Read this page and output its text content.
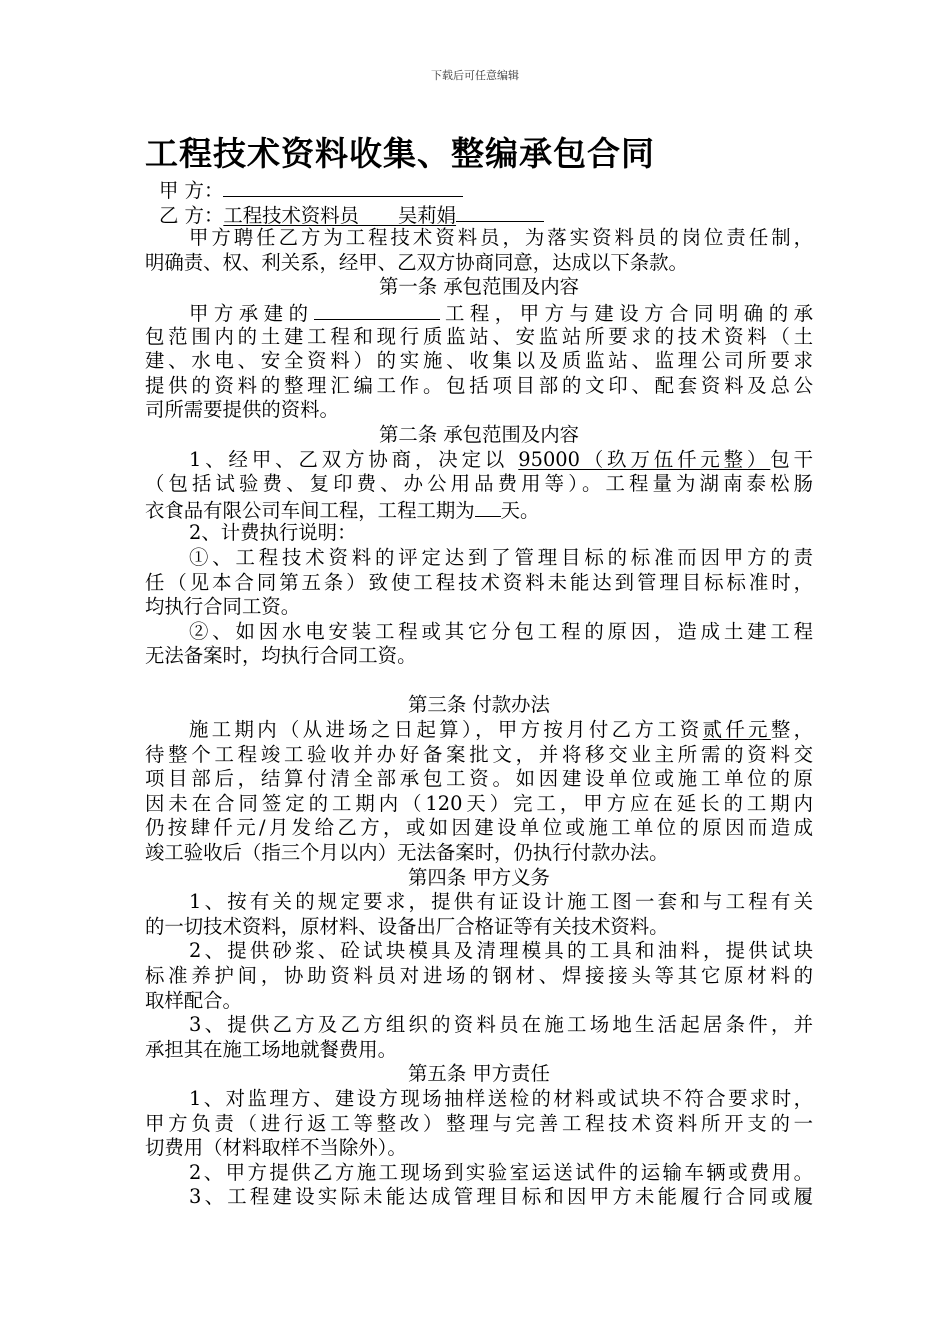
下载后可任意编辑
工程技术资料收集、整编承包合同
甲 方：
乙 方：工程技术资料员　　吴莉娟
甲方聘任乙方为工程技术资料员，为落实资料员的岗位责任制，
明确责、权、利关系，经甲、乙双方协商同意，达成以下条款。
第一条 承包范围及内容
甲方承建的	工程，甲方与建设方合同明确的承
包范围内的土建工程和现行质监站、安监站所要求的技术资料（土
建、水电、安全资料）的实施、收集以及质监站、监理公司所要求
提供的资料的整理汇编工作。包括项目部的文印、配套资料及总公
司所需要提供的资料。
第二条 承包范围及内容
1、经甲、乙双方协商，决定以 95000（玖万伍仟元整）包干
（包括试验费、复印费、办公用品费用等）。工程量为湖南泰松肠
衣食品有限公司车间工程，工程工期为 天。
2、计费执行说明：
①、工程技术资料的评定达到了管理目标的标准而因甲方的责
任（见本合同第五条）致使工程技术资料未能达到管理目标标准时，
均执行合同工资。
②、如因水电安装工程或其它分包工程的原因，造成土建工程
无法备案时，均执行合同工资。
第三条 付款办法
施工期内（从进场之日起算），甲方按月付乙方工资贰仟元整，
待整个工程竣工验收并办好备案批文，并将移交业主所需的资料交
项目部后，结算付清全部承包工资。如因建设单位或施工单位的原
因未在合同签定的工期内（120天）完工，甲方应在延长的工期内
仍按肆仟元/月发给乙方，或如因建设单位或施工单位的原因而造成
竣工验收后（指三个月以内）无法备案时，仍执行付款办法。
第四条 甲方义务
1、按有关的规定要求，提供有证设计施工图一套和与工程有关
的一切技术资料，原材料、设备出厂合格证等有关技术资料。
2、提供砂浆、砼试块模具及清理模具的工具和油料，提供试块
标准养护间，协助资料员对进场的钢材、焊接接头等其它原材料的
取样配合。
3、提供乙方及乙方组织的资料员在施工场地生活起居条件，并
承担其在施工场地就餐费用。
第五条 甲方责任
1、对监理方、建设方现场抽样送检的材料或试块不符合要求时，
甲方负责（进行返工等整改）整理与完善工程技术资料所开支的一
切费用（材料取样不当除外）。
2、甲方提供乙方施工现场到实验室运送试件的运输车辆或费用。
3、工程建设实际未能达成管理目标和因甲方未能履行合同或履
